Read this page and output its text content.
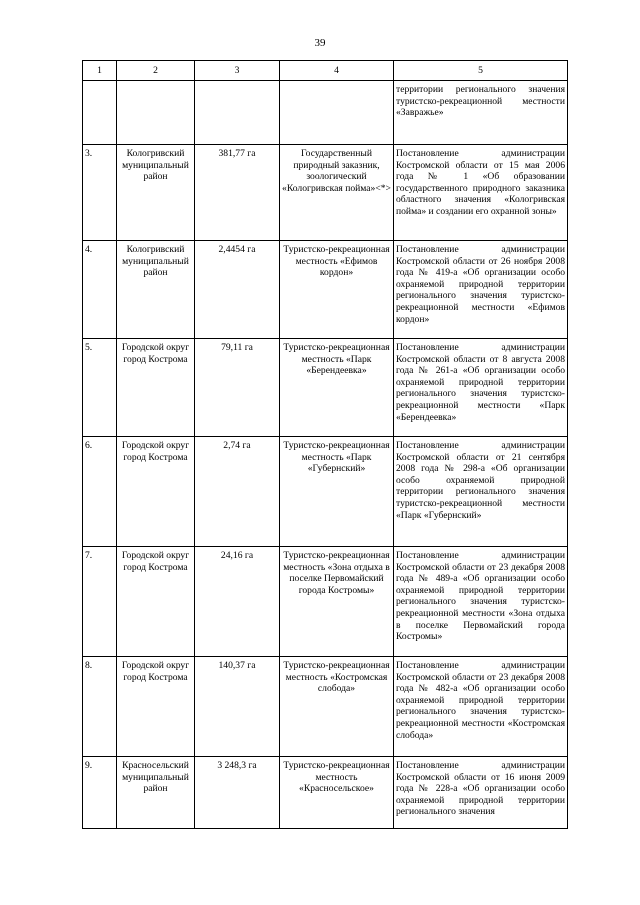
39
1	2	3	4	5
				территории регионального значения туристско-рекреационной местности «Завражье»
3.	Кологривский муниципальный район	381,77 га	Государственный природный заказник, зоологический «Кологривская пойма»<*>	Постановление администрации Костромской области от 15 мая 2006 года № 1 «Об образовании государственного природного заказника областного значения «Кологривская пойма» и создании его охранной зоны»
4.	Кологривский муниципальный район	2,4454 га	Туристско-рекреационная местность «Ефимов кордон»	Постановление администрации Костромской области от 26 ноября 2008 года № 419-а «Об организации особо охраняемой природной территории регионального значения туристско-рекреационной местности «Ефимов кордон»
5.	Городской округ город Кострома	79,11 га	Туристско-рекреационная местность «Парк «Берендеевка»	Постановление администрации Костромской области от 8 августа 2008 года № 261-а «Об организации особо охраняемой природной территории регионального значения туристско-рекреационной местности «Парк «Берендеевка»
6.	Городской округ город Кострома	2,74 га	Туристско-рекреационная местность «Парк «Губернский»	Постановление администрации Костромской области от 21 сентября 2008 года № 298-а «Об организации особо охраняемой природной территории регионального значения туристско-рекреационной местности «Парк «Губернский»
7.	Городской округ город Кострома	24,16 га	Туристско-рекреационная местность «Зона отдыха в поселке Первомайский города Костромы»	Постановление администрации Костромской области от 23 декабря 2008 года № 489-а «Об организации особо охраняемой природной территории регионального значения туристско-рекреационной местности «Зона отдыха в поселке Первомайский города Костромы»
8.	Городской округ город Кострома	140,37 га	Туристско-рекреационная местность «Костромская слобода»	Постановление администрации Костромской области от 23 декабря 2008 года № 482-а «Об организации особо охраняемой природной территории регионального значения туристско-рекреационной местности «Костромская слобода»
9.	Красносельский муниципальный район	3 248,3 га	Туристско-рекреационная местность «Красносельское»	Постановление администрации Костромской области от 16 июня 2009 года № 228-а «Об организации особо охраняемой природной территории регионального значения
